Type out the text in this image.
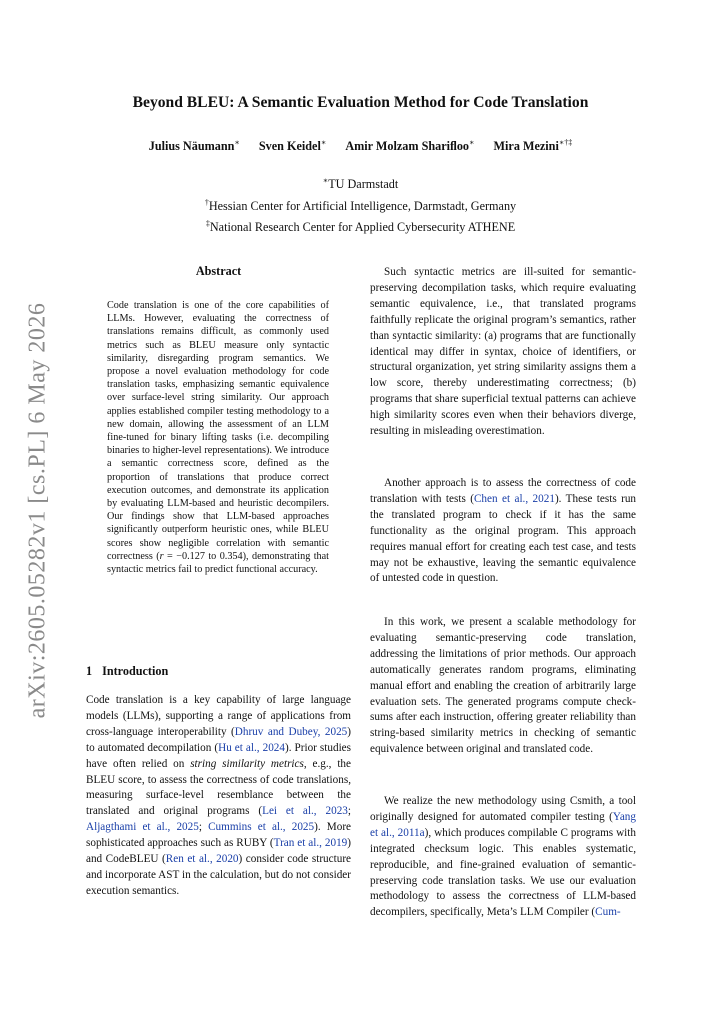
arXiv:2605.05282v1 [cs.PL] 6 May 2026
Beyond BLEU: A Semantic Evaluation Method for Code Translation
Julius Näumann∗ Sven Keidel∗ Amir Molzam Shariﬂoo∗ Mira Mezini∗†‡
∗TU Darmstadt
†Hessian Center for Artificial Intelligence, Darmstadt, Germany
‡National Research Center for Applied Cybersecurity ATHENE
Abstract

Code translation is one of the core capabilities of LLMs. However, evaluating the correctness of translations remains difficult, as commonly used metrics such as BLEU measure only syntactic similarity, disregarding program semantics. We propose a novel evaluation methodology for code translation tasks, emphasizing semantic equivalence over surface-level string similarity. Our approach applies established compiler testing methodology to a new domain, allowing the assessment of an LLM fine-tuned for binary lifting tasks (i.e. decompiling binaries to higher-level representations). We introduce a semantic correctness score, defined as the proportion of translations that produce correct execution outcomes, and demonstrate its application by evaluating LLM-based and heuristic decompilers. Our findings show that LLM-based approaches significantly outperform heuristic ones, while BLEU scores show negligible correlation with semantic correctness (r = −0.127 to 0.354), demonstrating that syntactic metrics fail to predict functional accuracy.

1 Introduction

Code translation is a key capability of large language models (LLMs), supporting a range of applications from cross-language interoperability (Dhruv and Dubey, 2025) to automated decompilation (Hu et al., 2024). Prior studies have often relied on string similarity metrics, e.g., the BLEU score, to assess the correctness of code translations, measuring surface-level resemblance between the translated and original programs (Lei et al., 2023; Aljagthami et al., 2025; Cummins et al., 2025). More sophisticated approaches such as RUBY (Tran et al., 2019) and CodeBLEU (Ren et al., 2020) consider code structure and incorporate AST in the calculation, but do not consider execution semantics.

Such syntactic metrics are ill-suited for semantic-preserving decompilation tasks, which require evaluating semantic equivalence, i.e., that translated programs faithfully replicate the original program’s semantics, rather than syntactic similarity: (a) programs that are functionally identical may differ in syntax, choice of identifiers, or structural organization, yet string similarity assigns them a low score, thereby underestimating correctness; (b) programs that share superficial textual patterns can achieve high similarity scores even when their behaviors diverge, resulting in misleading overestimation.

Another approach is to assess the correctness of code translation with tests (Chen et al., 2021). These tests run the translated program to check if it has the same functionality as the original program. This approach requires manual effort for creating each test case, and tests may not be exhaustive, leaving the semantic equivalence of untested code in question.

In this work, we present a scalable methodology for evaluating semantic-preserving code translation, addressing the limitations of prior methods. Our approach automatically generates random programs, eliminating manual effort and enabling the creation of arbitrarily large evaluation sets. The generated programs compute check-sums after each instruction, offering greater reliability than string-based similarity metrics in checking of semantic equivalence between original and translated code.

We realize the new methodology using Csmith, a tool originally designed for automated compiler testing (Yang et al., 2011a), which produces compilable C programs with integrated checksum logic. This enables systematic, reproducible, and fine-grained evaluation of semantic-preserving code translation tasks. We use our evaluation methodology to assess the correctness of LLM-based decompilers, specifically, Meta’s LLM Compiler (Cum-
